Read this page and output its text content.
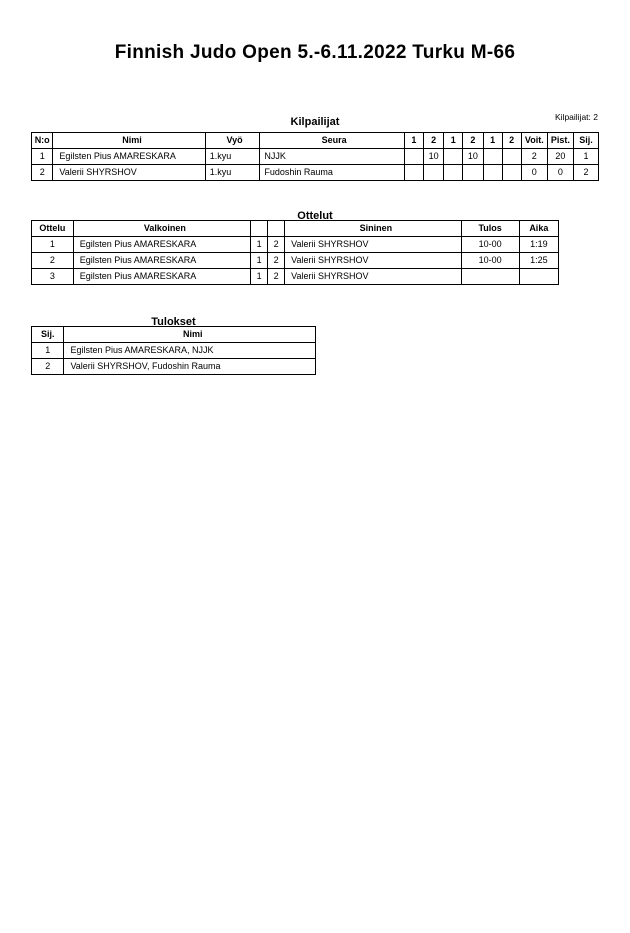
Finnish Judo Open 5.-6.11.2022 Turku M-66
Kilpailijat	Kilpailijat: 2
N:o	Nimi	Vyö	Seura	1	2	1	2	1	2	Voit.	Pist.	Sij.
1	Egilsten Pius AMARESKARA	1.kyu	NJJK		10		10			2	20	1
2	Valerii SHYRSHOV	1.kyu	Fudoshin Rauma							0	0	2
Ottelut
Ottelu	Valkoinen			Sininen	Tulos	Aika
1	Egilsten Pius AMARESKARA	1	2	Valerii SHYRSHOV	10-00	1:19
2	Egilsten Pius AMARESKARA	1	2	Valerii SHYRSHOV	10-00	1:25
3	Egilsten Pius AMARESKARA	1	2	Valerii SHYRSHOV		
Tulokset
Sij.	Nimi
1	Egilsten Pius AMARESKARA, NJJK
2	Valerii SHYRSHOV, Fudoshin Rauma
